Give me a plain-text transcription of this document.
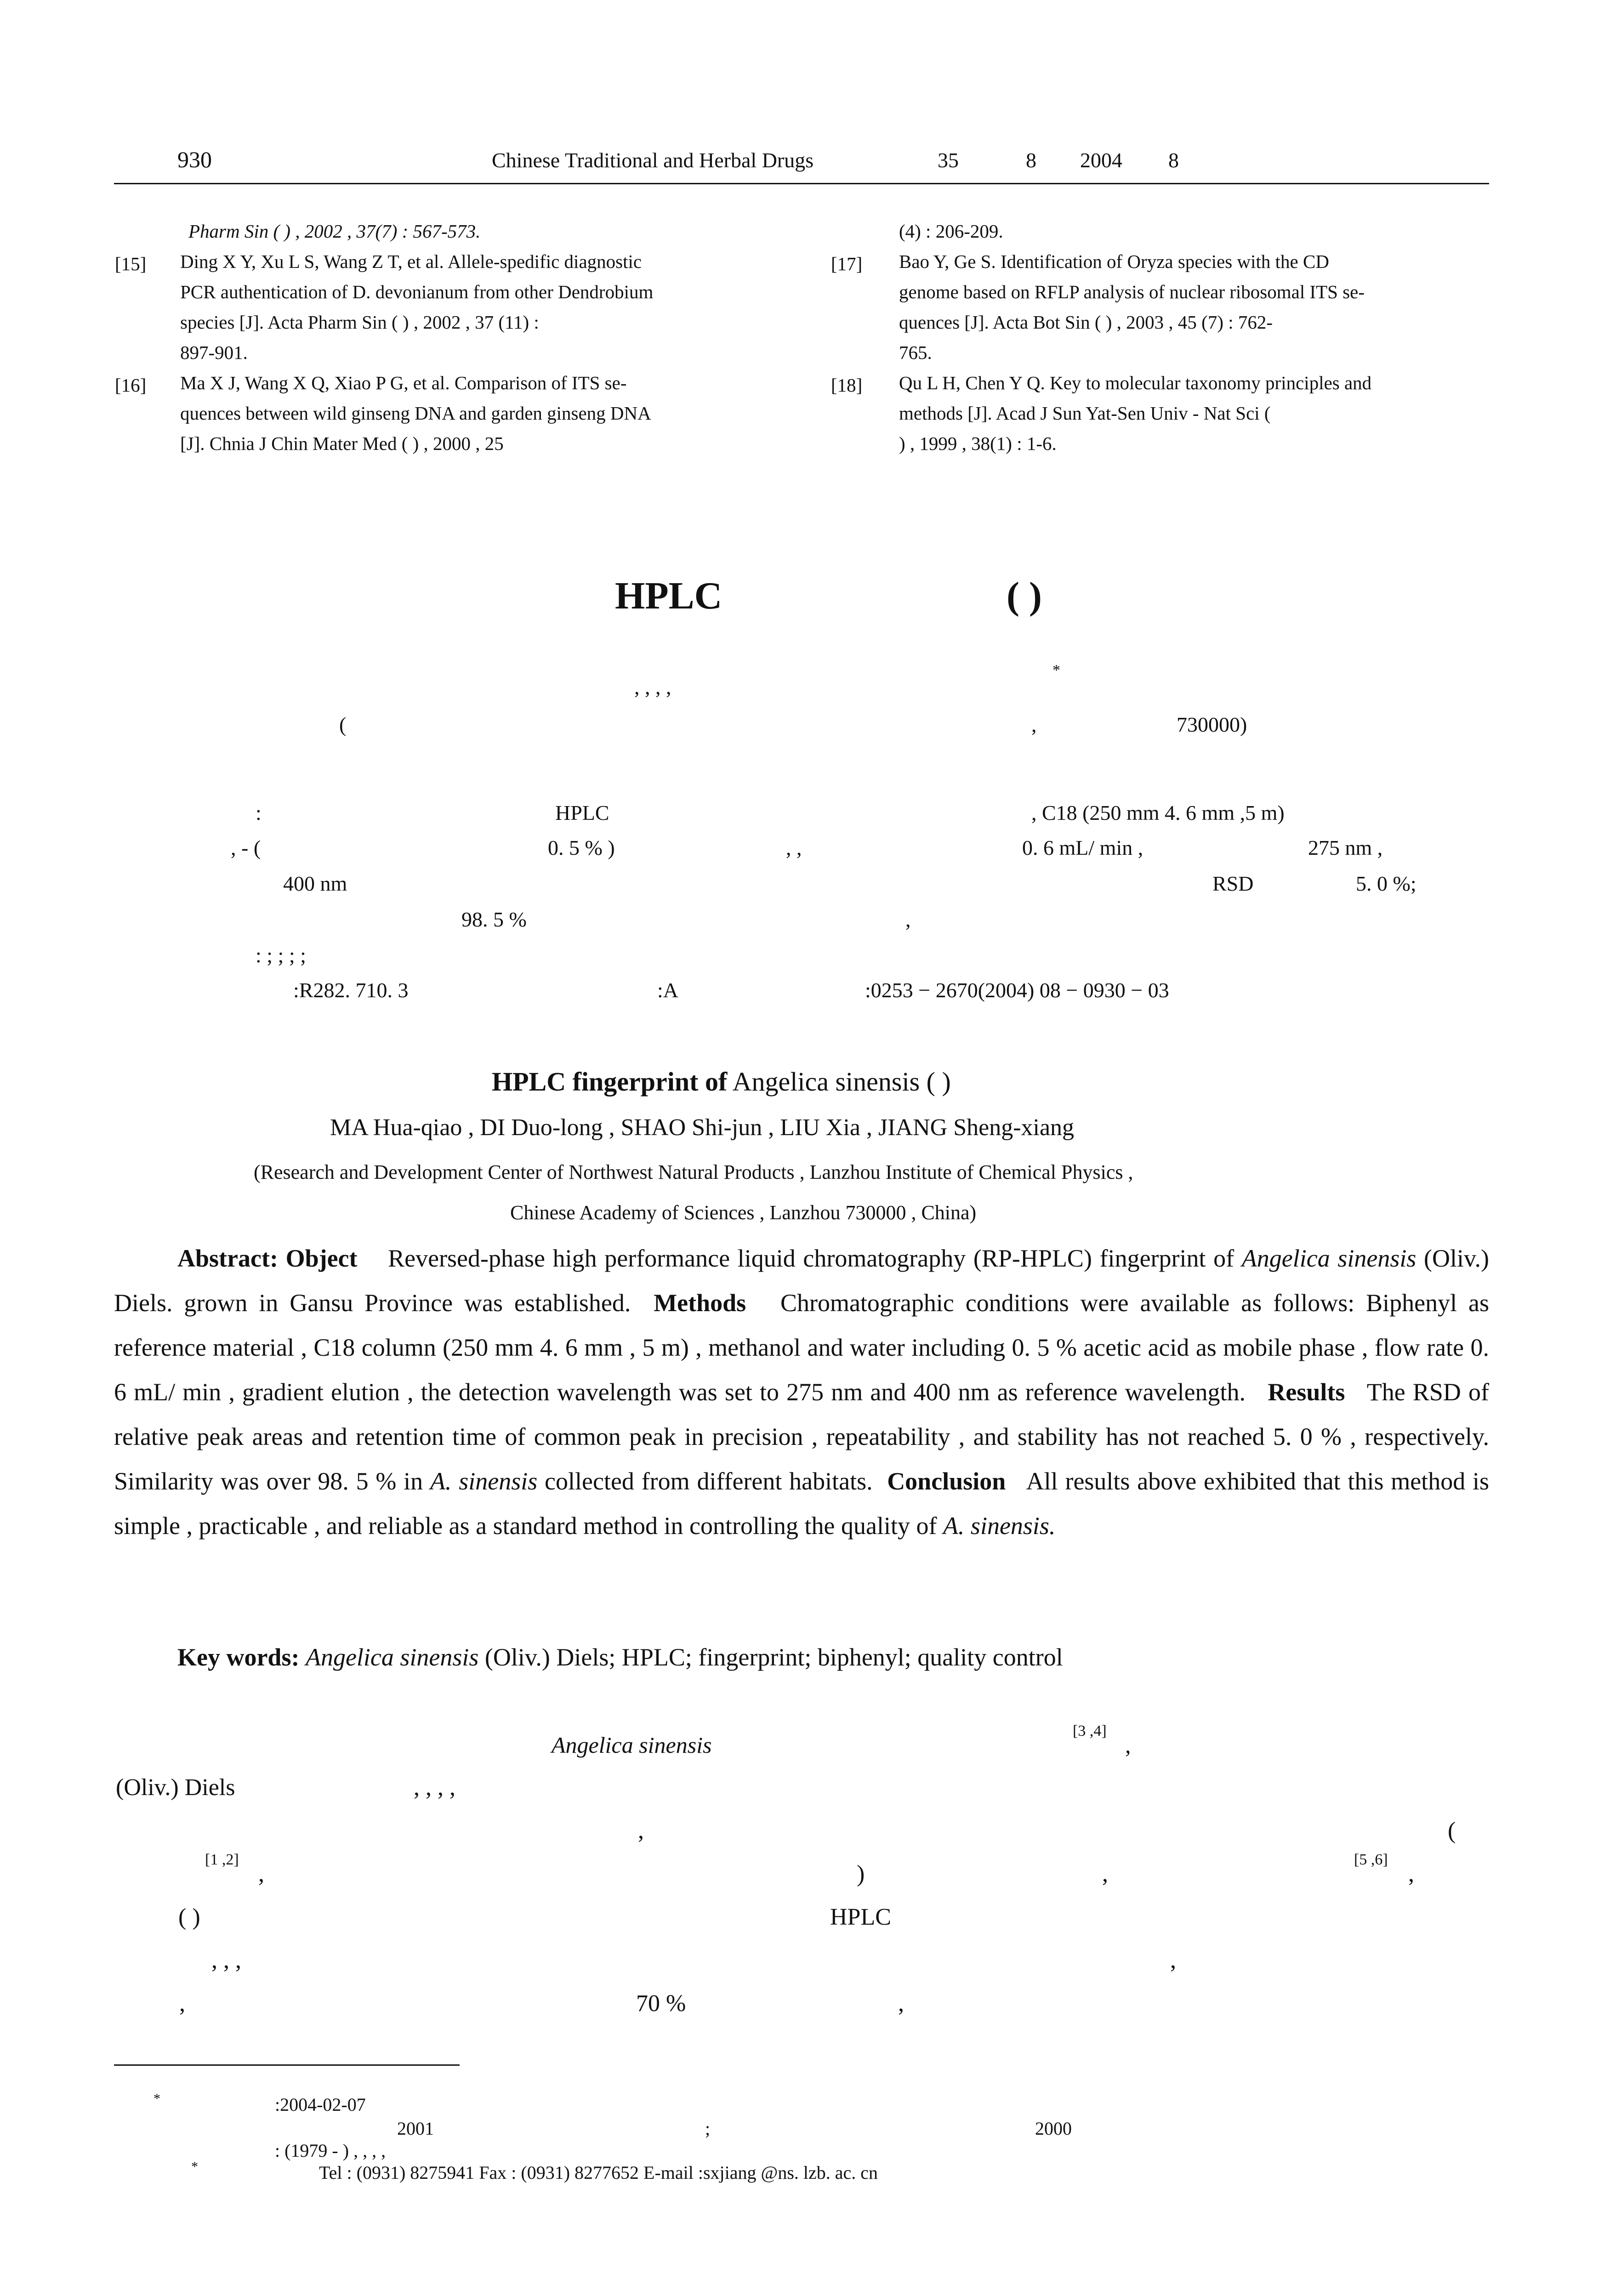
930	Chinese Traditional and Herbal Drugs	35	8 2004 8
Pharm Sin ( ) , 2002 , 37(7) : 567-573.
[15] Ding X Y, Xu L S, Wang Z T, et al. Allele-spedific diagnostic
PCR authentication of D. devonianum from other Dendrobium
species [J]. Acta Pharm Sin ( ) , 2002 , 37 (11) :
897-901.
[16] Ma X J, Wang X Q, Xiao P G, et al. Comparison of ITS se-
quences between wild ginseng DNA and garden ginseng DNA
[J]. Chnia J Chin Mater Med ( ) , 2000 , 25
(4) : 206-209.
[17] Bao Y, Ge S. Identification of Oryza species with the CD
genome based on RFLP analysis of nuclear ribosomal ITS se-
quences [J]. Acta Bot Sin ( ) , 2003 , 45 (7) : 762-
765.
[18] Qu L H, Chen Y Q. Key to molecular taxonomy principles and
methods [J]. Acad J Sun Yat-Sen Univ - Nat Sci (
) , 1999 , 38(1) : 1-6.
HPLC	( )
, , , ,
*
(	,	730000)
:	HPLC	, C18 (250 mm 4. 6 mm ,5 m)
, - (	0. 5 % )	, ,	0. 6 mL/ min ,	275 nm ,
400 nm	RSD	5. 0 %;
98. 5 %	,
: ; ; ; ;
:R282. 710. 3	:A	:0253 − 2670(2004) 08 − 0930 − 03
HPLC fingerprint of Angelica sinensis ( )
MA Hua-qiao , DI Duo-long , SHAO Shi-jun , LIU Xia , JIANG Sheng-xiang
(Research and Development Center of Northwest Natural Products , Lanzhou Institute of Chemical Physics ,
Chinese Academy of Sciences , Lanzhou 730000 , China)
Abstract: Object Reversed-phase high performance liquid chromatography (RP-HPLC) fingerprint of Angelica sinensis (Oliv.) Diels. grown in Gansu Province was established. Methods Chromatographic conditions were available as follows: Biphenyl as reference material , C18 column (250 mm 4. 6 mm , 5 m) , methanol and water including 0. 5 % acetic acid as mobile phase , flow rate 0. 6 mL/ min , gradient elution , the detection wavelength was set to 275 nm and 400 nm as reference wavelength. Results The RSD of relative peak areas and retention time of common peak in precision , repeatability , and stability has not reached 5. 0 % , respectively. Similarity was over 98. 5 % in A. sinensis collected from different habitats. Conclusion All results above exhibited that this method is simple , practicable , and reliable as a standard method in controlling the quality of A. sinensis.
Key words: Angelica sinensis (Oliv.) Diels; HPLC; fingerprint; biphenyl; quality control
Angelica sinensis
[3 ,4]
,
(Oliv.) Diels	, , , ,
,	(
[1 ,2]
,	)	,
[5 ,6]
,
( )	HPLC
, , ,	,
,	70 %	,
*	:2004-02-07
2001	;	2000
: (1979 - ) , , , ,
*	Tel : (0931) 8275941 Fax : (0931) 8277652 E-mail :sxjiang @ns. lzb. ac. cn
